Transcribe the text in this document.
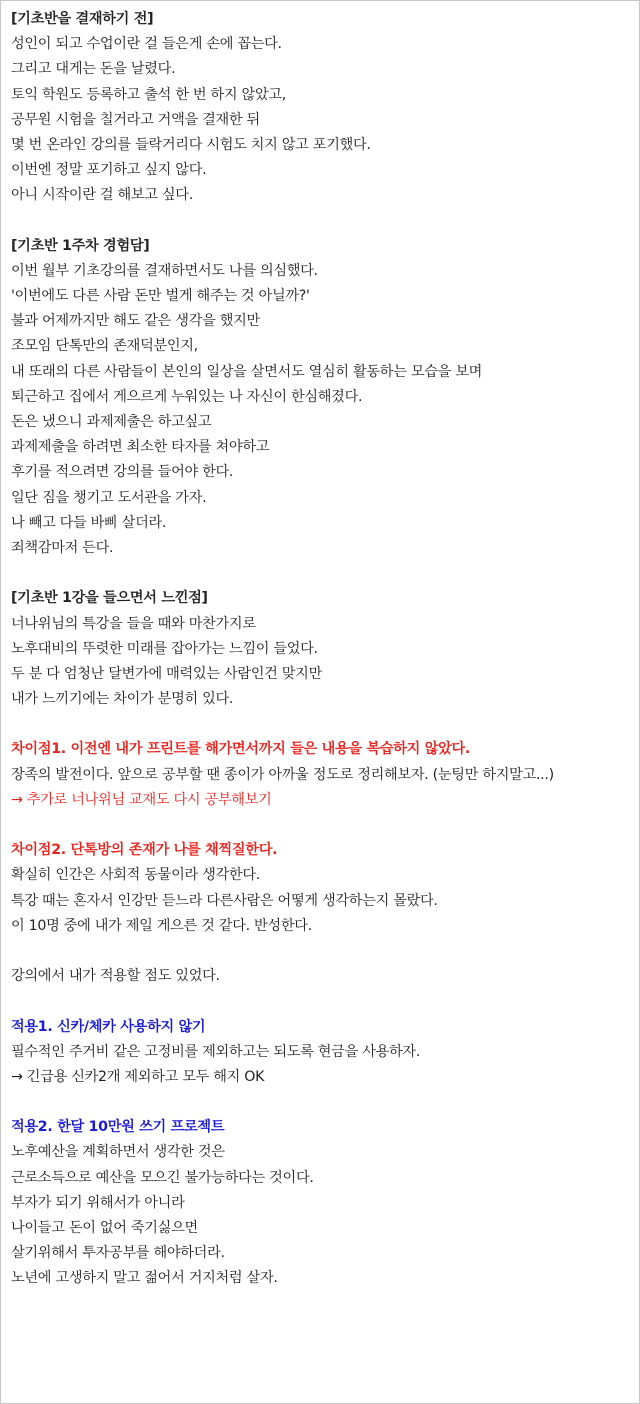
[기초반을 결재하기 전]
성인이 되고 수업이란 걸 들은게 손에 꼽는다.
그리고 대게는 돈을 날렸다.
토익 학원도 등록하고 출석 한 번 하지 않았고,
공무원 시험을 칠거라고 거액을 결재한 뒤
몇 번 온라인 강의를 들락거리다 시험도 치지 않고 포기했다.
이번엔 정말 포기하고 싶지 않다.
아니 시작이란 걸 해보고 싶다.
[기초반 1주차 경험담]
이번 월부 기초강의를 결재하면서도 나를 의심했다.
'이번에도 다른 사람 돈만 벌게 해주는 것 아닐까?'
불과 어제까지만 해도 같은 생각을 했지만
조모임 단톡만의 존재덕분인지,
내 또래의 다른 사람들이 본인의 일상을 살면서도 열심히 활동하는 모습을 보며
퇴근하고 집에서 게으르게 누워있는 나 자신이 한심해졌다.
돈은 냈으니 과제제출은 하고싶고
과제제출을 하려면 최소한 타자를 쳐야하고
후기를 적으려면 강의를 들어야 한다.
일단 짐을 챙기고 도서관을 가자.
나 빼고 다들 바삐 살더라.
죄책감마저 든다.
[기초반 1강을 들으면서 느낀점]
너나위님의 특강을 들을 때와 마찬가지로
노후대비의 뚜렷한 미래를 잡아가는 느낌이 들었다.
두 분 다 엄청난 달변가에 매력있는 사람인건 맞지만
내가 느끼기에는 차이가 분명히 있다.
차이점1. 이전엔 내가 프린트를 해가면서까지 들은 내용을 복습하지 않았다.
장족의 발전이다. 앞으로 공부할 땐 종이가 아까울 정도로 정리해보자. (눈팅만 하지말고...)
→ 추가로 너나위님 교재도 다시 공부해보기
차이점2. 단톡방의 존재가 나를 채찍질한다.
확실히 인간은 사회적 동물이라 생각한다.
특강 때는 혼자서 인강만 듣느라 다른사람은 어떻게 생각하는지 몰랐다.
이 10명 중에 내가 제일 게으른 것 같다. 반성한다.
강의에서 내가 적용할 점도 있었다.
적용1. 신카/체카 사용하지 않기
필수적인 주거비 같은 고정비를 제외하고는 되도록 현금을 사용하자.
→ 긴급용 신카2개 제외하고 모두 해지 OK
적용2. 한달 10만원 쓰기 프로젝트
노후예산을 계획하면서 생각한 것은
근로소득으로 예산을 모으긴 불가능하다는 것이다.
부자가 되기 위해서가 아니라
나이들고 돈이 없어 죽기싫으면
살기위해서 투자공부를 해야하더라.
노년에 고생하지 말고 젊어서 거지처럼 살자.
